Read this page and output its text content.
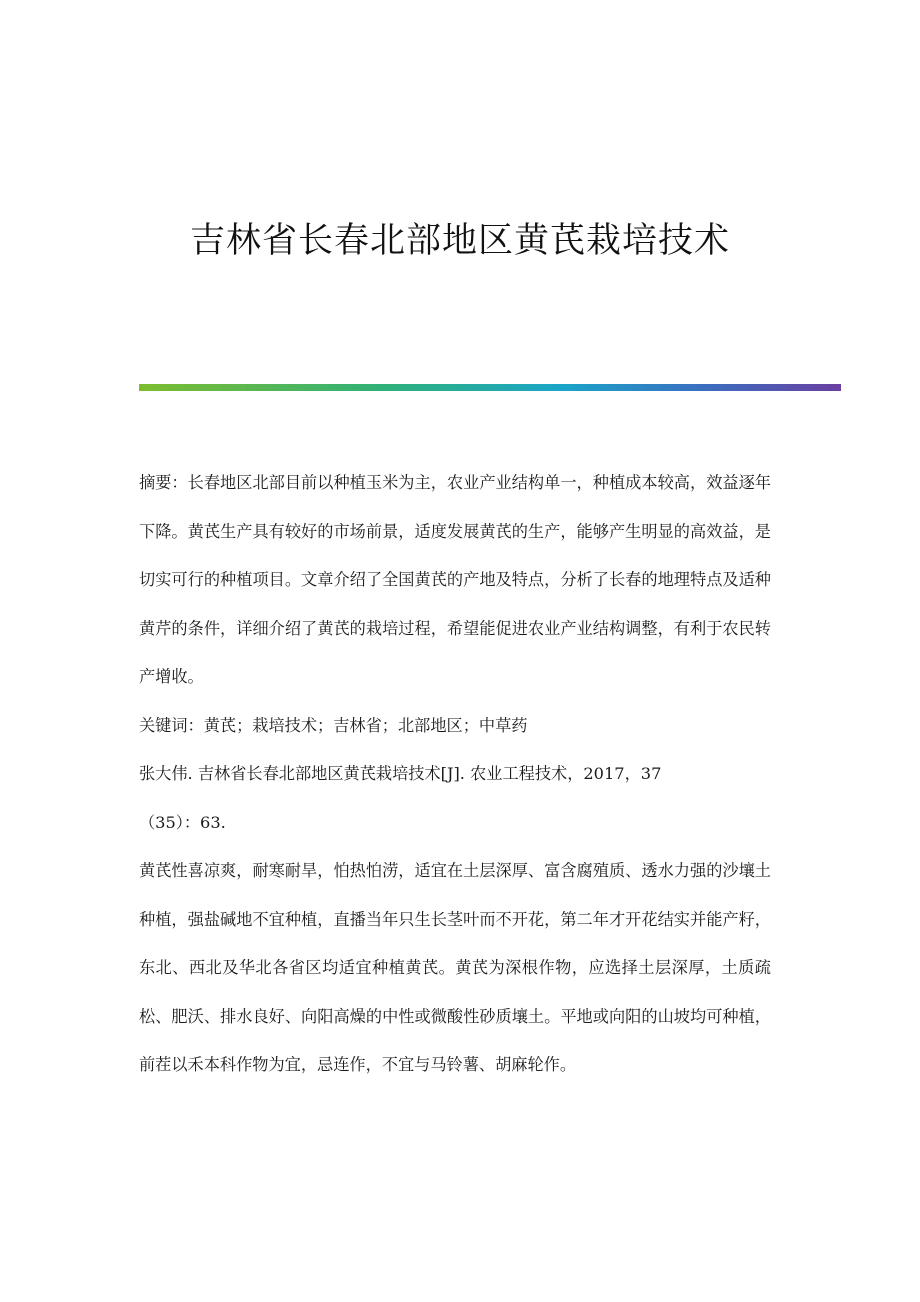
吉林省长春北部地区黄芪栽培技术

摘要：长春地区北部目前以种植玉米为主，农业产业结构单一，种植成本较高，效益逐年下降。黄芪生产具有较好的市场前景，适度发展黄芪的生产，能够产生明显的高效益，是切实可行的种植项目。文章介绍了全国黄芪的产地及特点，分析了长春的地理特点及适种黄芹的条件，详细介绍了黄芪的栽培过程，希望能促进农业产业结构调整，有利于农民转产增收。

关键词：黄芪；栽培技术；吉林省；北部地区；中草药

张大伟. 吉林省长春北部地区黄芪栽培技术[J]. 农业工程技术，2017，37
（35）：63.

黄芪性喜凉爽，耐寒耐旱，怕热怕涝，适宜在土层深厚、富含腐殖质、透水力强的沙壤土种植，强盐碱地不宜种植，直播当年只生长茎叶而不开花，第二年才开花结实并能产籽，东北、西北及华北各省区均适宜种植黄芪。黄芪为深根作物，应选择土层深厚，土质疏松、肥沃、排水良好、向阳高燥的中性或微酸性砂质壤土。平地或向阳的山坡均可种植，前茬以禾本科作物为宜，忌连作，不宜与马铃薯、胡麻轮作。
